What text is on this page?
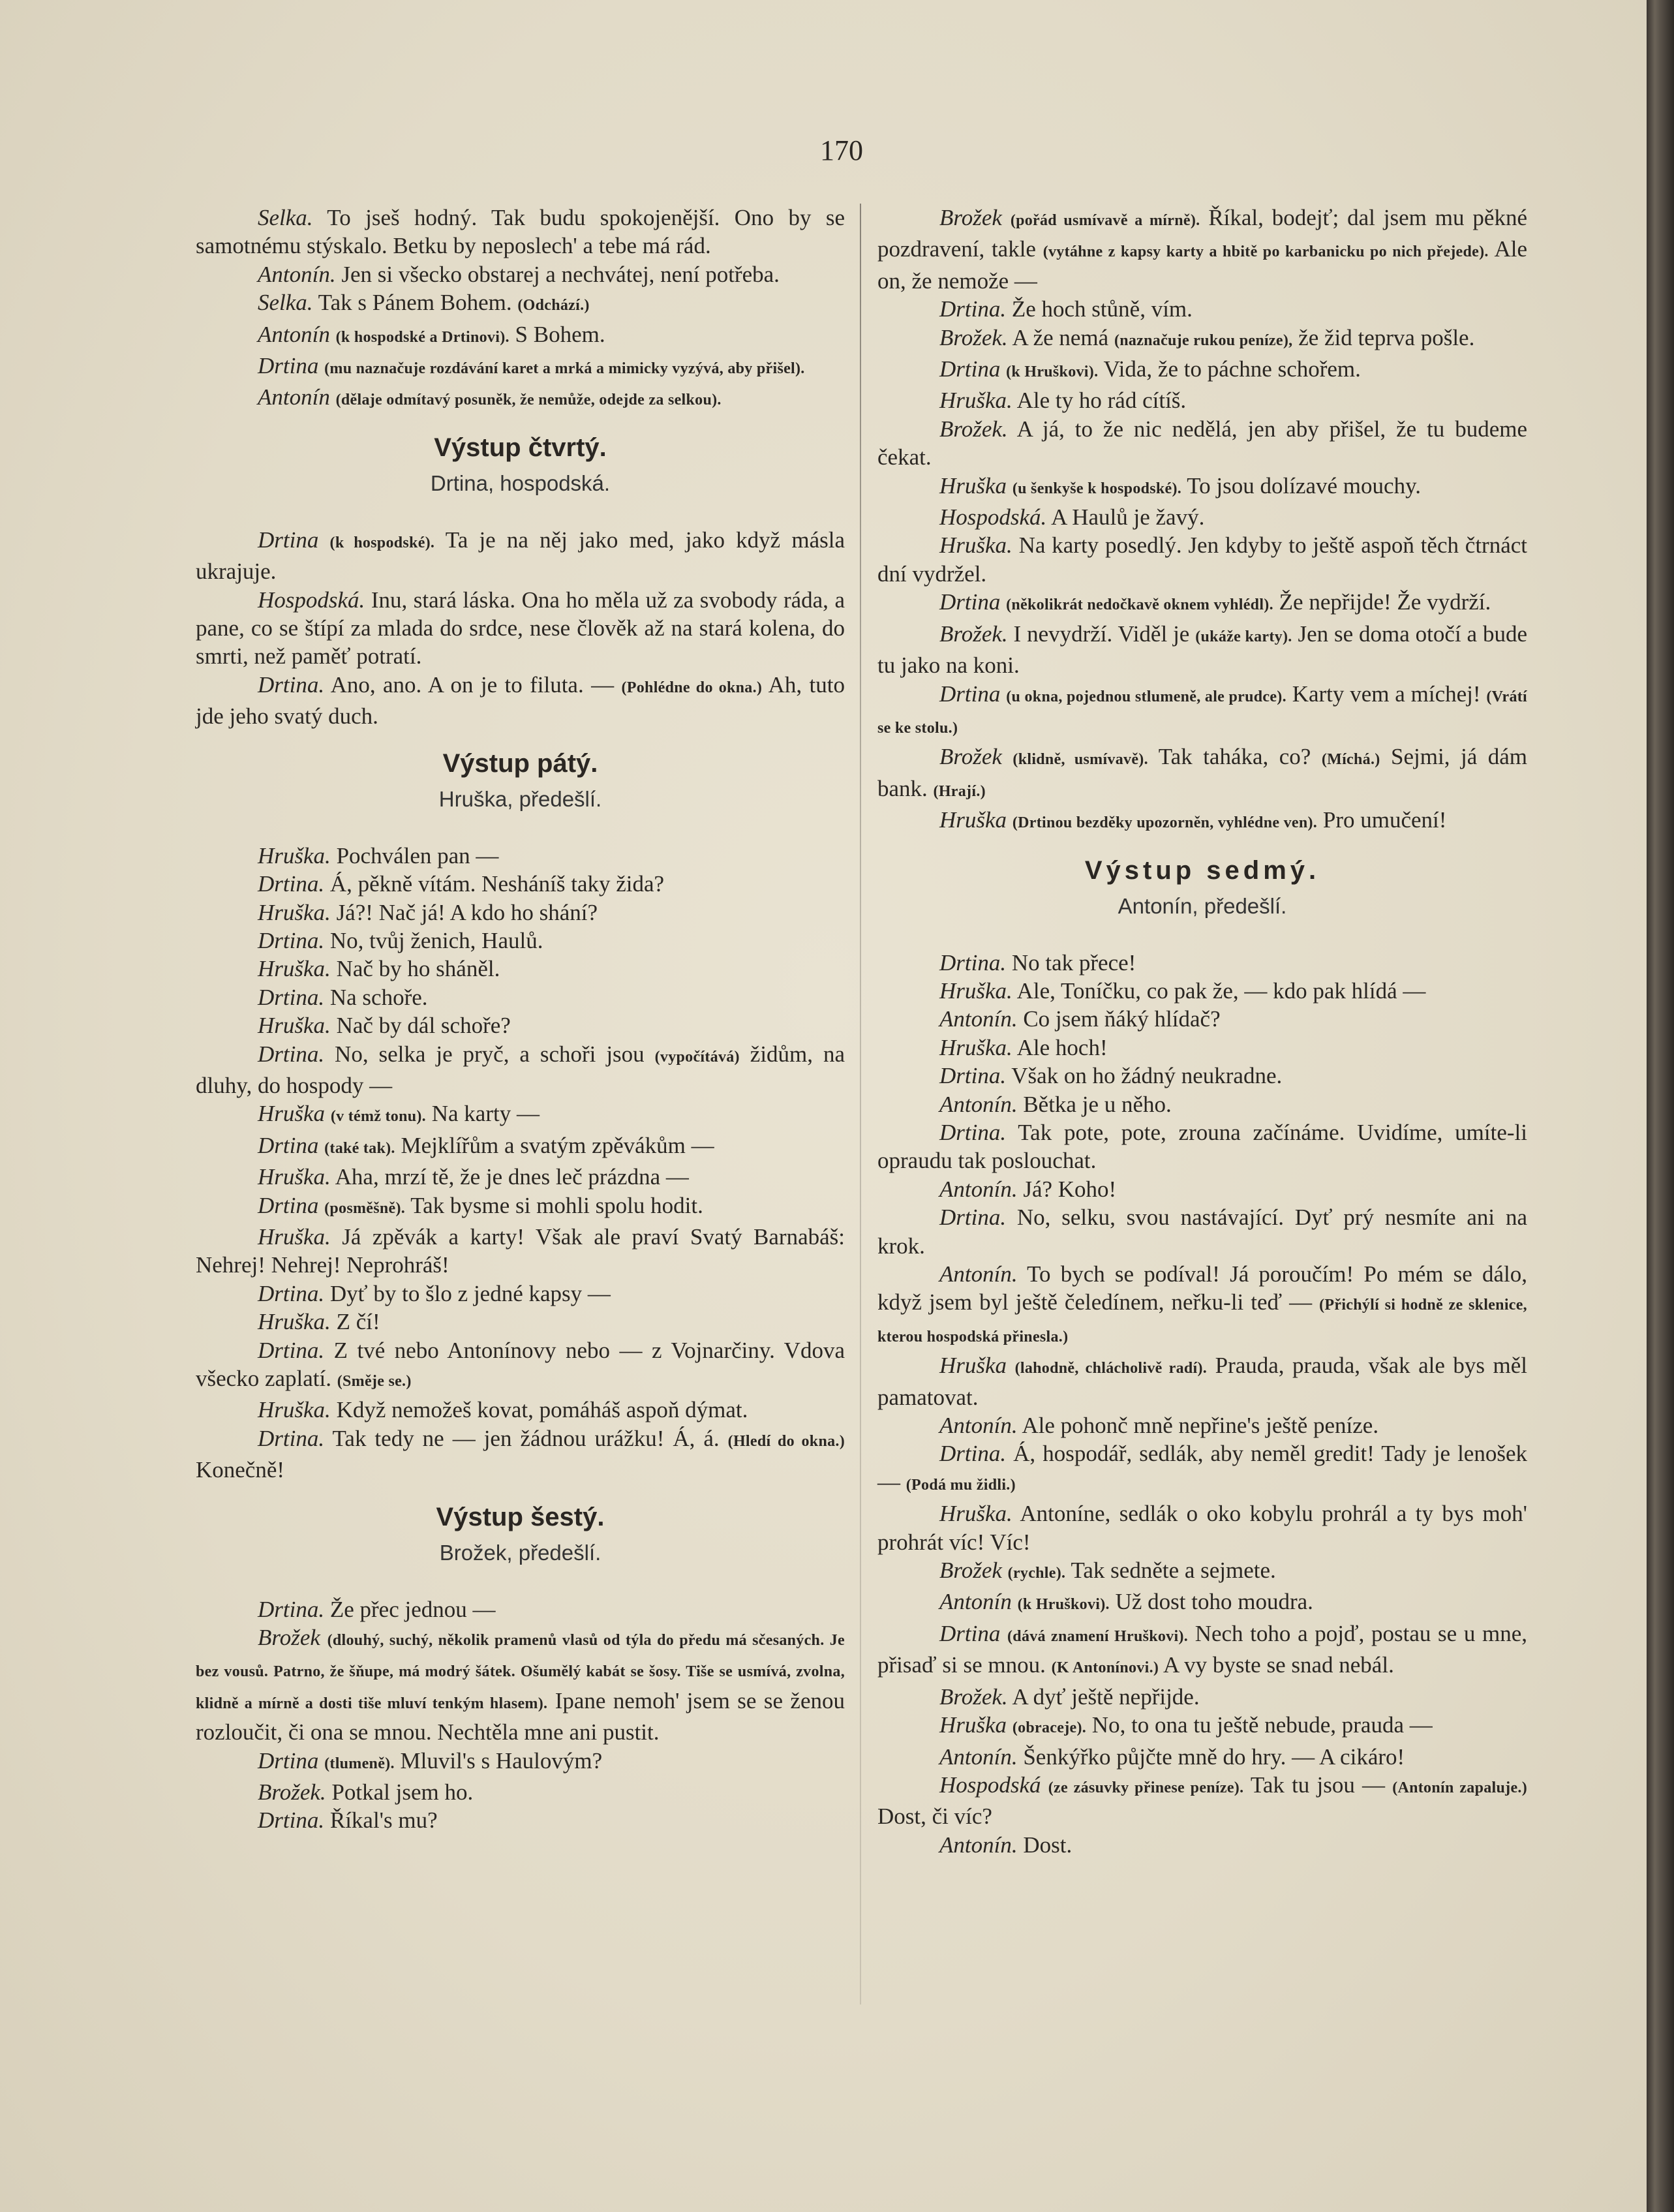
170

Selka. To jseš hodný. Tak budu spokojenější. Ono by se samotnému stýskalo. Betku by neposlech' a tebe má rád.

Antonín. Jen si všecko obstarej a nechvátej, není potřeba.

Selka. Tak s Pánem Bohem. (Odchází.)

Antonín (k hospodské a Drtinovi). S Bohem.

Drtina (mu naznačuje rozdávání karet a mrká a mimicky vyzývá, aby přišel).

Antonín (dělaje odmítavý posuněk, že nemůže, odejde za selkou).

Výstup čtvrtý.
Drtina, hospodská.

Drtina (k hospodské). Ta je na něj jako med, jako když másla ukrajuje.

Hospodská. Inu, stará láska. Ona ho měla už za svobody ráda, a pane, co se štípí za mlada do srdce, nese člověk až na stará kolena, do smrti, než paměť potratí.

Drtina. Ano, ano. A on je to filuta. — (Pohlédne do okna.) Ah, tuto jde jeho svatý duch.

Výstup pátý.
Hruška, předešlí.

Hruška. Pochválen pan —

Drtina. Á, pěkně vítám. Nesháníš taky žida?

Hruška. Já?! Nač já! A kdo ho shání?

Drtina. No, tvůj ženich, Haulů.

Hruška. Nač by ho sháněl.

Drtina. Na schoře.

Hruška. Nač by dál schoře?

Drtina. No, selka je pryč, a schoři jsou (vypočítává) židům, na dluhy, do hospody —

Hruška (v témž tonu). Na karty —

Drtina (také tak). Mejklířům a svatým zpěvákům —

Hruška. Aha, mrzí tě, že je dnes leč prázdna —

Drtina (posměšně). Tak bysme si mohli spolu hodit.

Hruška. Já zpěvák a karty! Však ale praví Svatý Barnabáš: Nehrej! Nehrej! Neprohráš!

Drtina. Dyť by to šlo z jedné kapsy —

Hruška. Z čí!

Drtina. Z tvé nebo Antonínovy nebo — z Vojnarčiny. Vdova všecko zaplatí. (Směje se.)

Hruška. Když nemožeš kovat, pomáháš aspoň dýmat.

Drtina. Tak tedy ne — jen žádnou urážku! Á, á. (Hledí do okna.) Konečně!

Výstup šestý.
Brožek, předešlí.

Drtina. Že přec jednou —

Brožek (dlouhý, suchý, několik pramenů vlasů od týla do předu má sčesaných. Je bez vousů. Patrno, že šňupe, má modrý šátek. Ošumělý kabát se šosy. Tiše se usmívá, zvolna, klidně a mírně a dosti tiše mluví tenkým hlasem). Ipane nemoh' jsem se se ženou rozloučit, či ona se mnou. Nechtěla mne ani pustit.

Drtina (tlumeně). Mluvil's s Haulovým?

Brožek. Potkal jsem ho.

Drtina. Říkal's mu?

Brožek (pořád usmívavě a mírně). Říkal, bodejť; dal jsem mu pěkné pozdravení, takle (vytáhne z kapsy karty a hbitě po karbanicku po nich přejede). Ale on, že nemože —

Drtina. Že hoch stůně, vím.

Brožek. A že nemá (naznačuje rukou peníze), že žid teprva pošle.

Drtina (k Hruškovi). Vida, že to páchne schořem.

Hruška. Ale ty ho rád cítíš.

Brožek. A já, to že nic nedělá, jen aby přišel, že tu budeme čekat.

Hruška (u šenkyše k hospodské). To jsou dolízavé mouchy.

Hospodská. A Haulů je žavý.

Hruška. Na karty posedlý. Jen kdyby to ještě aspoň těch čtrnáct dní vydržel.

Drtina (několikrát nedočkavě oknem vyhlédl). Že nepřijde! Že vydrží.

Brožek. I nevydrží. Viděl je (ukáže karty). Jen se doma otočí a bude tu jako na koni.

Drtina (u okna, pojednou stlumeně, ale prudce). Karty vem a míchej! (Vrátí se ke stolu.)

Brožek (klidně, usmívavě). Tak taháka, co? (Míchá.) Sejmi, já dám bank. (Hrají.)

Hruška (Drtinou bezděky upozorněn, vyhlédne ven). Pro umučení!

Výstup sedmý.
Antonín, předešlí.

Drtina. No tak přece!

Hruška. Ale, Toníčku, co pak že, — kdo pak hlídá —

Antonín. Co jsem ňáký hlídač?

Hruška. Ale hoch!

Drtina. Však on ho žádný neukradne.

Antonín. Bětka je u něho.

Drtina. Tak pote, pote, zrouna začínáme. Uvidíme, umíte-li opraudu tak poslouchat.

Antonín. Já? Koho!

Drtina. No, selku, svou nastávající. Dyť prý nesmíte ani na krok.

Antonín. To bych se podíval! Já poroučím! Po mém se dálo, když jsem byl ještě čeledínem, neřku-li teď — (Přichýlí si hodně ze sklenice, kterou hospodská přinesla.)

Hruška (lahodně, chlácholivě radí). Prauda, prauda, však ale bys měl pamatovat.

Antonín. Ale pohonč mně nepřine's ještě peníze.

Drtina. Á, hospodář, sedlák, aby neměl gredit! Tady je lenošek — (Podá mu židli.)

Hruška. Antoníne, sedlák o oko kobylu prohrál a ty bys moh' prohrát víc! Víc!

Brožek (rychle). Tak sedněte a sejmete.

Antonín (k Hruškovi). Už dost toho moudra.

Drtina (dává znamení Hruškovi). Nech toho a pojď, postau se u mne, přisaď si se mnou. (K Antonínovi.) A vy byste se snad nebál.

Brožek. A dyť ještě nepřijde.

Hruška (obraceje). No, to ona tu ještě nebude, prauda —

Antonín. Šenkýřko půjčte mně do hry. — A cikáro!

Hospodská (ze zásuvky přinese peníze). Tak tu jsou — (Antonín zapaluje.) Dost, či víc?

Antonín. Dost.
